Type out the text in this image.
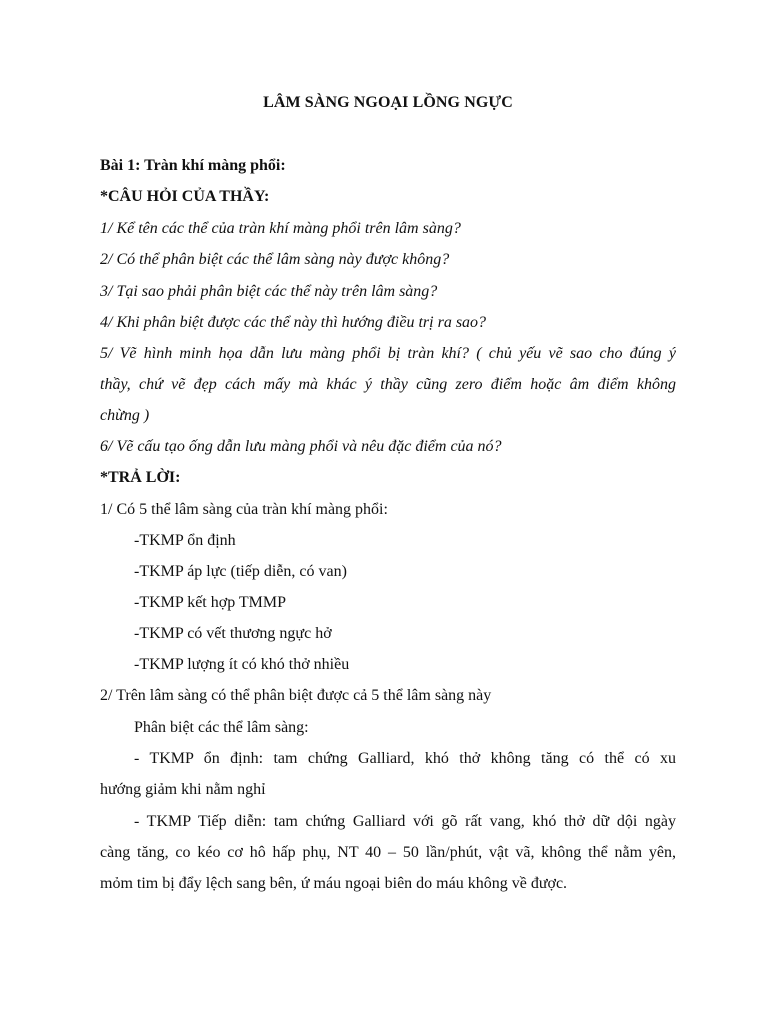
LÂM SÀNG NGOẠI LỒNG NGỰC
Bài 1: Tràn khí màng phổi:
*CÂU HỎI CỦA THẦY:
1/ Kể tên các thể của tràn khí màng phổi trên lâm sàng?
2/ Có thể phân biệt các thể lâm sàng này được không?
3/ Tại sao phải phân biệt các thể này trên lâm sàng?
4/ Khi phân biệt được các thể này thì hướng điều trị ra sao?
5/ Vẽ hình minh họa dẫn lưu màng phổi bị tràn khí? ( chủ yếu vẽ sao cho đúng ý
thầy, chứ vẽ đẹp cách mấy mà khác ý thầy cũng zero điểm hoặc âm điểm không
chừng )
6/ Vẽ cấu tạo ống dẫn lưu màng phổi và nêu đặc điểm của nó?
*TRẢ LỜI:
1/ Có 5 thể lâm sàng của tràn khí màng phổi:
-TKMP ổn định
-TKMP áp lực (tiếp diễn, có van)
-TKMP kết hợp TMMP
-TKMP có vết thương ngực hở
-TKMP lượng ít có khó thở nhiều
2/ Trên lâm sàng có thể phân biệt được cả 5 thể lâm sàng này
Phân biệt các thể lâm sàng:
- TKMP ổn định: tam chứng Galliard, khó thở không tăng có thể có xu
hướng giảm khi nằm nghỉ
- TKMP Tiếp diễn: tam chứng Galliard với gõ rất vang, khó thở dữ dội ngày
càng tăng, co kéo cơ hô hấp phụ, NT 40 – 50 lần/phút, vật vã, không thể nằm yên,
mỏm tim bị đẩy lệch sang bên, ứ máu ngoại biên do máu không về được.
